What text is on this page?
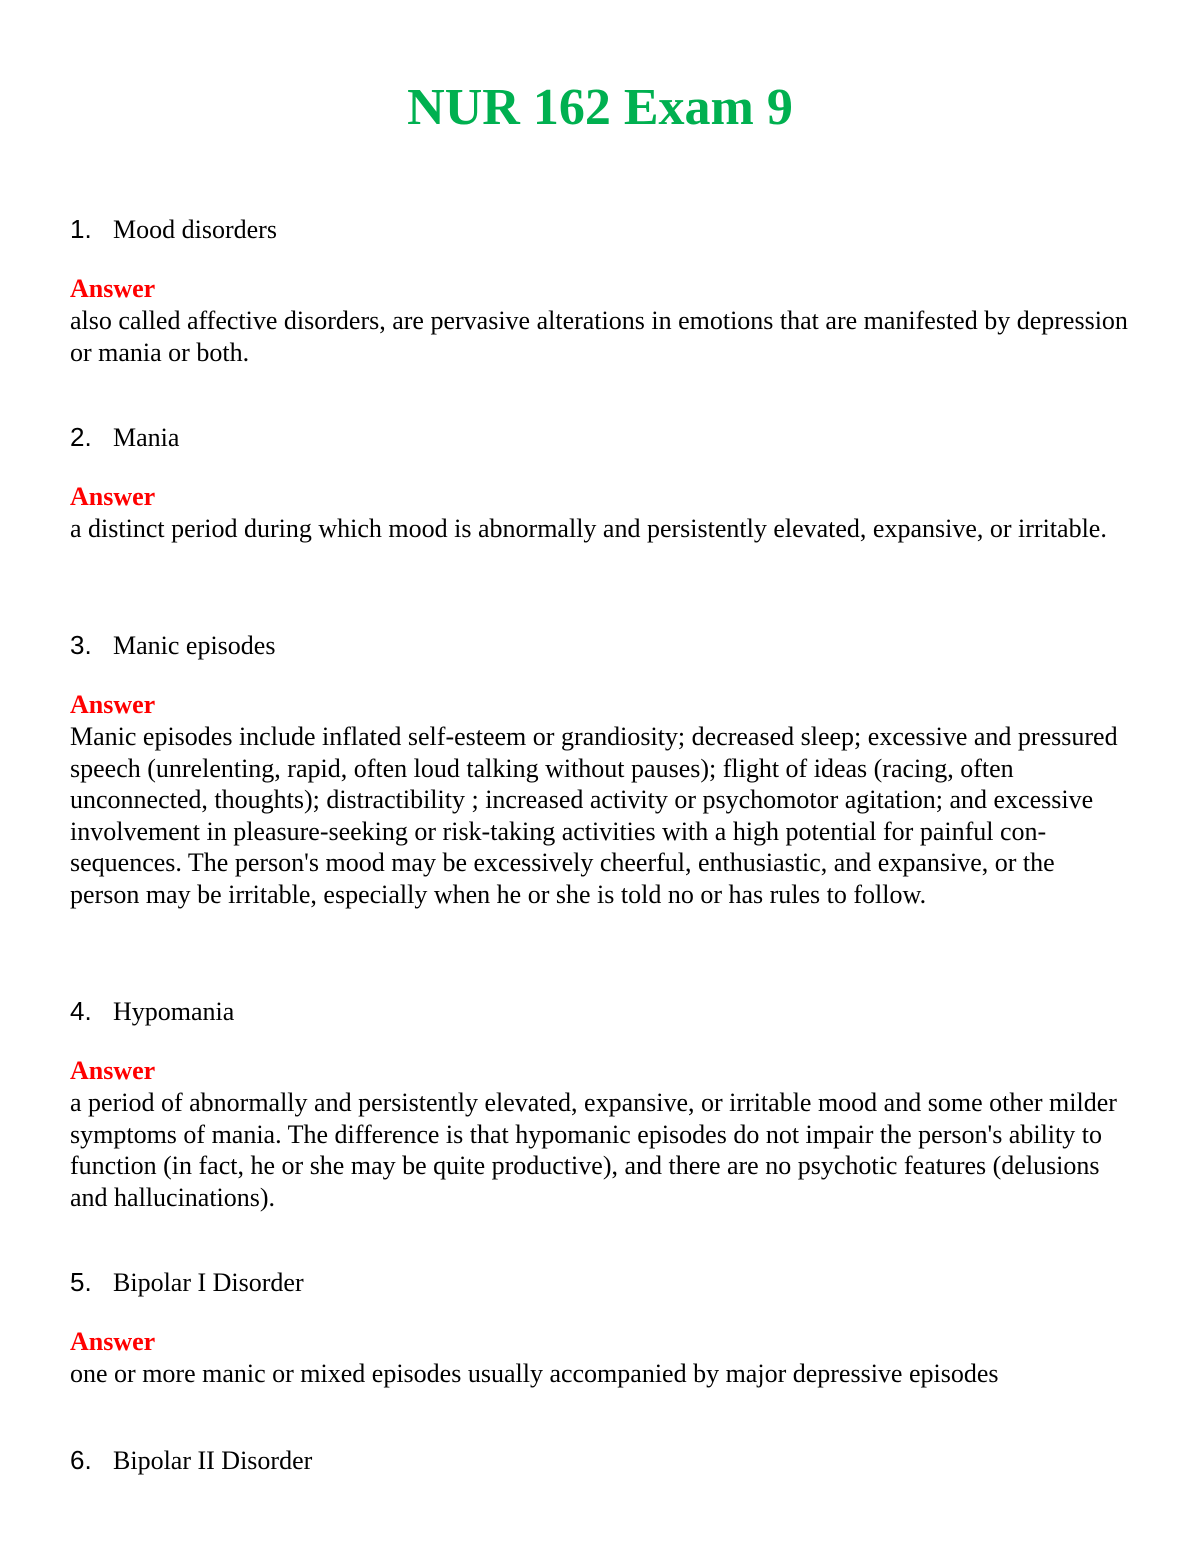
NUR 162 Exam 9
1. Mood disorders
Answer
also called affective disorders, are pervasive alterations in emotions that are manifested by depression or mania or both.
2. Mania
Answer
a distinct period during which mood is abnormally and persistently elevated, expansive, or irritable.
3. Manic episodes
Answer
Manic episodes include inflated self-esteem or grandiosity; decreased sleep; excessive and pressured speech (unrelenting, rapid, often loud talking without pauses); flight of ideas (racing, often unconnected, thoughts); distractibility ; increased activity or psychomotor agitation; and excessive involvement in pleasure-seeking or risk-taking activities with a high potential for painful con- sequences. The person's mood may be excessively cheerful, enthusiastic, and expansive, or the person may be irritable, especially when he or she is told no or has rules to follow.
4. Hypomania
Answer
a period of abnormally and persistently elevated, expansive, or irritable mood and some other milder symptoms of mania. The difference is that hypomanic episodes do not impair the person's ability to function (in fact, he or she may be quite productive), and there are no psychotic features (delusions and hallucinations).
5. Bipolar I Disorder
Answer
one or more manic or mixed episodes usually accompanied by major depressive episodes
6. Bipolar II Disorder
